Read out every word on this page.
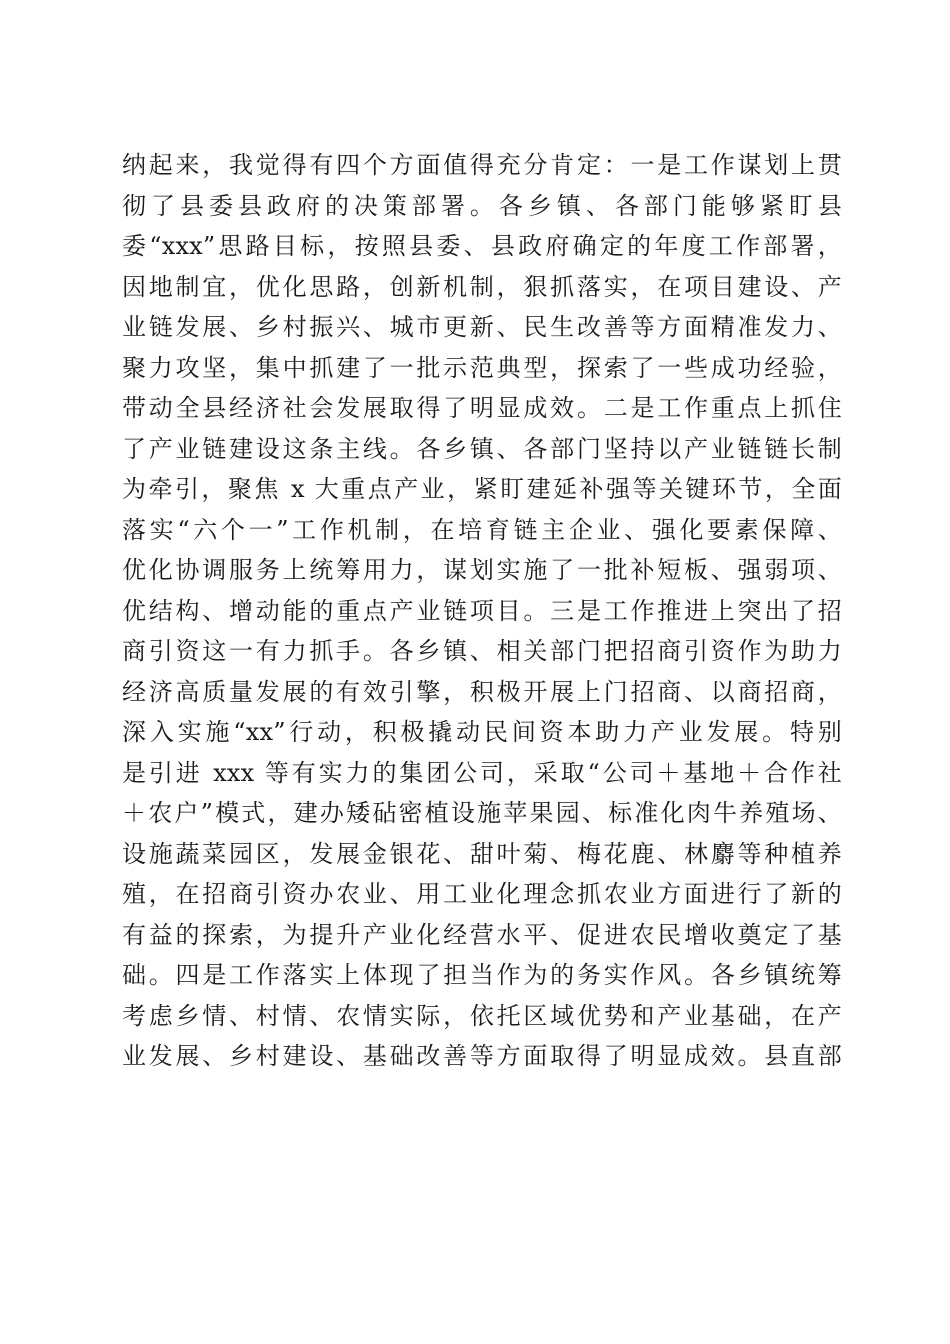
纳起来，我觉得有四个方面值得充分肯定：一是工作谋划上贯
彻了县委县政府的决策部署。各乡镇、各部门能够紧盯县
委“xxx”思路目标，按照县委、县政府确定的年度工作部署，
因地制宜，优化思路，创新机制，狠抓落实，在项目建设、产
业链发展、乡村振兴、城市更新、民生改善等方面精准发力、
聚力攻坚，集中抓建了一批示范典型，探索了一些成功经验，
带动全县经济社会发展取得了明显成效。二是工作重点上抓住
了产业链建设这条主线。各乡镇、各部门坚持以产业链链长制
为牵引，聚焦 x 大重点产业，紧盯建延补强等关键环节，全面
落实“六个一”工作机制，在培育链主企业、强化要素保障、
优化协调服务上统筹用力，谋划实施了一批补短板、强弱项、
优结构、增动能的重点产业链项目。三是工作推进上突出了招
商引资这一有力抓手。各乡镇、相关部门把招商引资作为助力
经济高质量发展的有效引擎，积极开展上门招商、以商招商，
深入实施“xx”行动，积极撬动民间资本助力产业发展。特别
是引进 xxx 等有实力的集团公司，采取“公司＋基地＋合作社
＋农户”模式，建办矮砧密植设施苹果园、标准化肉牛养殖场、
设施蔬菜园区，发展金银花、甜叶菊、梅花鹿、林麝等种植养
殖，在招商引资办农业、用工业化理念抓农业方面进行了新的
有益的探索，为提升产业化经营水平、促进农民增收奠定了基
础。四是工作落实上体现了担当作为的务实作风。各乡镇统筹
考虑乡情、村情、农情实际，依托区域优势和产业基础，在产
业发展、乡村建设、基础改善等方面取得了明显成效。县直部
